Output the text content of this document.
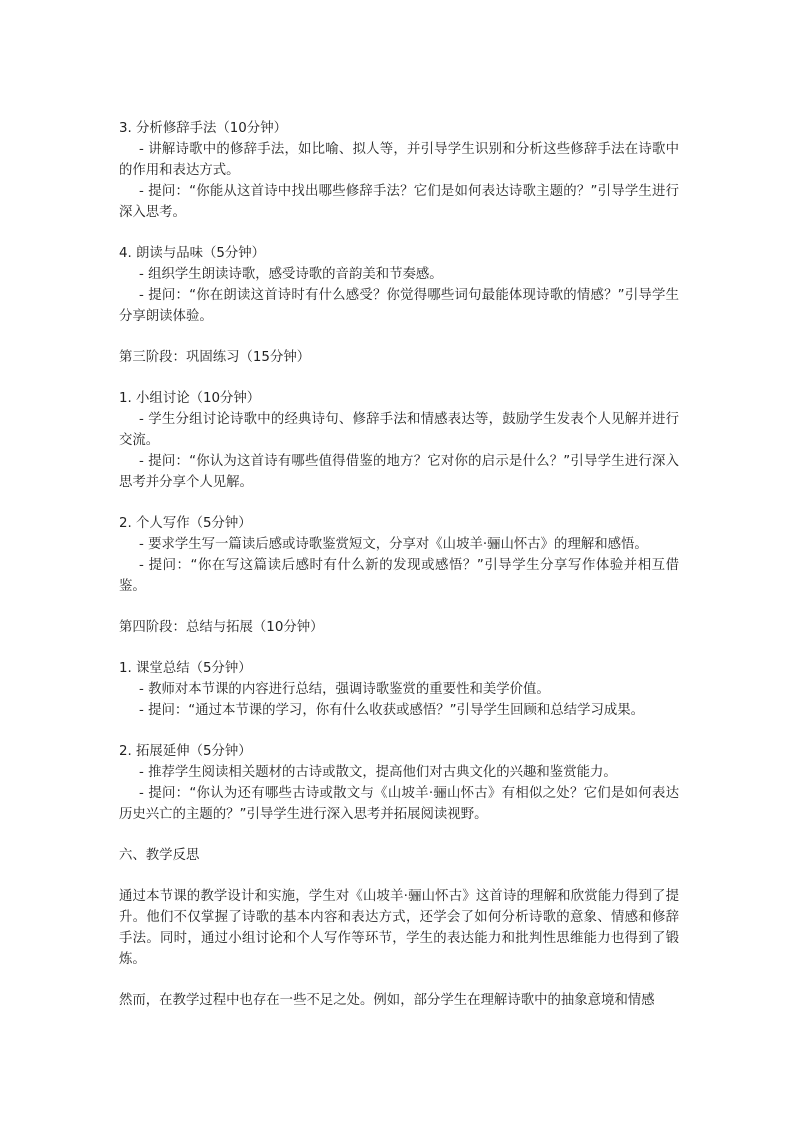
3. 分析修辞手法（10分钟）

- 讲解诗歌中的修辞手法，如比喻、拟人等，并引导学生识别和分析这些修辞手法在诗歌中的作用和表达方式。

- 提问：“你能从这首诗中找出哪些修辞手法？它们是如何表达诗歌主题的？”引导学生进行深入思考。

4. 朗读与品味（5分钟）

- 组织学生朗读诗歌，感受诗歌的音韵美和节奏感。

- 提问：“你在朗读这首诗时有什么感受？你觉得哪些词句最能体现诗歌的情感？”引导学生分享朗读体验。

第三阶段：巩固练习（15分钟）

1. 小组讨论（10分钟）

- 学生分组讨论诗歌中的经典诗句、修辞手法和情感表达等，鼓励学生发表个人见解并进行交流。

- 提问：“你认为这首诗有哪些值得借鉴的地方？它对你的启示是什么？”引导学生进行深入思考并分享个人见解。

2. 个人写作（5分钟）

- 要求学生写一篇读后感或诗歌鉴赏短文，分享对《山坡羊·骊山怀古》的理解和感悟。

- 提问：“你在写这篇读后感时有什么新的发现或感悟？”引导学生分享写作体验并相互借鉴。

第四阶段：总结与拓展（10分钟）

1. 课堂总结（5分钟）

- 教师对本节课的内容进行总结，强调诗歌鉴赏的重要性和美学价值。

- 提问：“通过本节课的学习，你有什么收获或感悟？”引导学生回顾和总结学习成果。

2. 拓展延伸（5分钟）

- 推荐学生阅读相关题材的古诗或散文，提高他们对古典文化的兴趣和鉴赏能力。

- 提问：“你认为还有哪些古诗或散文与《山坡羊·骊山怀古》有相似之处？它们是如何表达历史兴亡的主题的？”引导学生进行深入思考并拓展阅读视野。

六、教学反思

通过本节课的教学设计和实施，学生对《山坡羊·骊山怀古》这首诗的理解和欣赏能力得到了提升。他们不仅掌握了诗歌的基本内容和表达方式，还学会了如何分析诗歌的意象、情感和修辞手法。同时，通过小组讨论和个人写作等环节，学生的表达能力和批判性思维能力也得到了锻炼。

然而，在教学过程中也存在一些不足之处。例如，部分学生在理解诗歌中的抽象意境和情感
